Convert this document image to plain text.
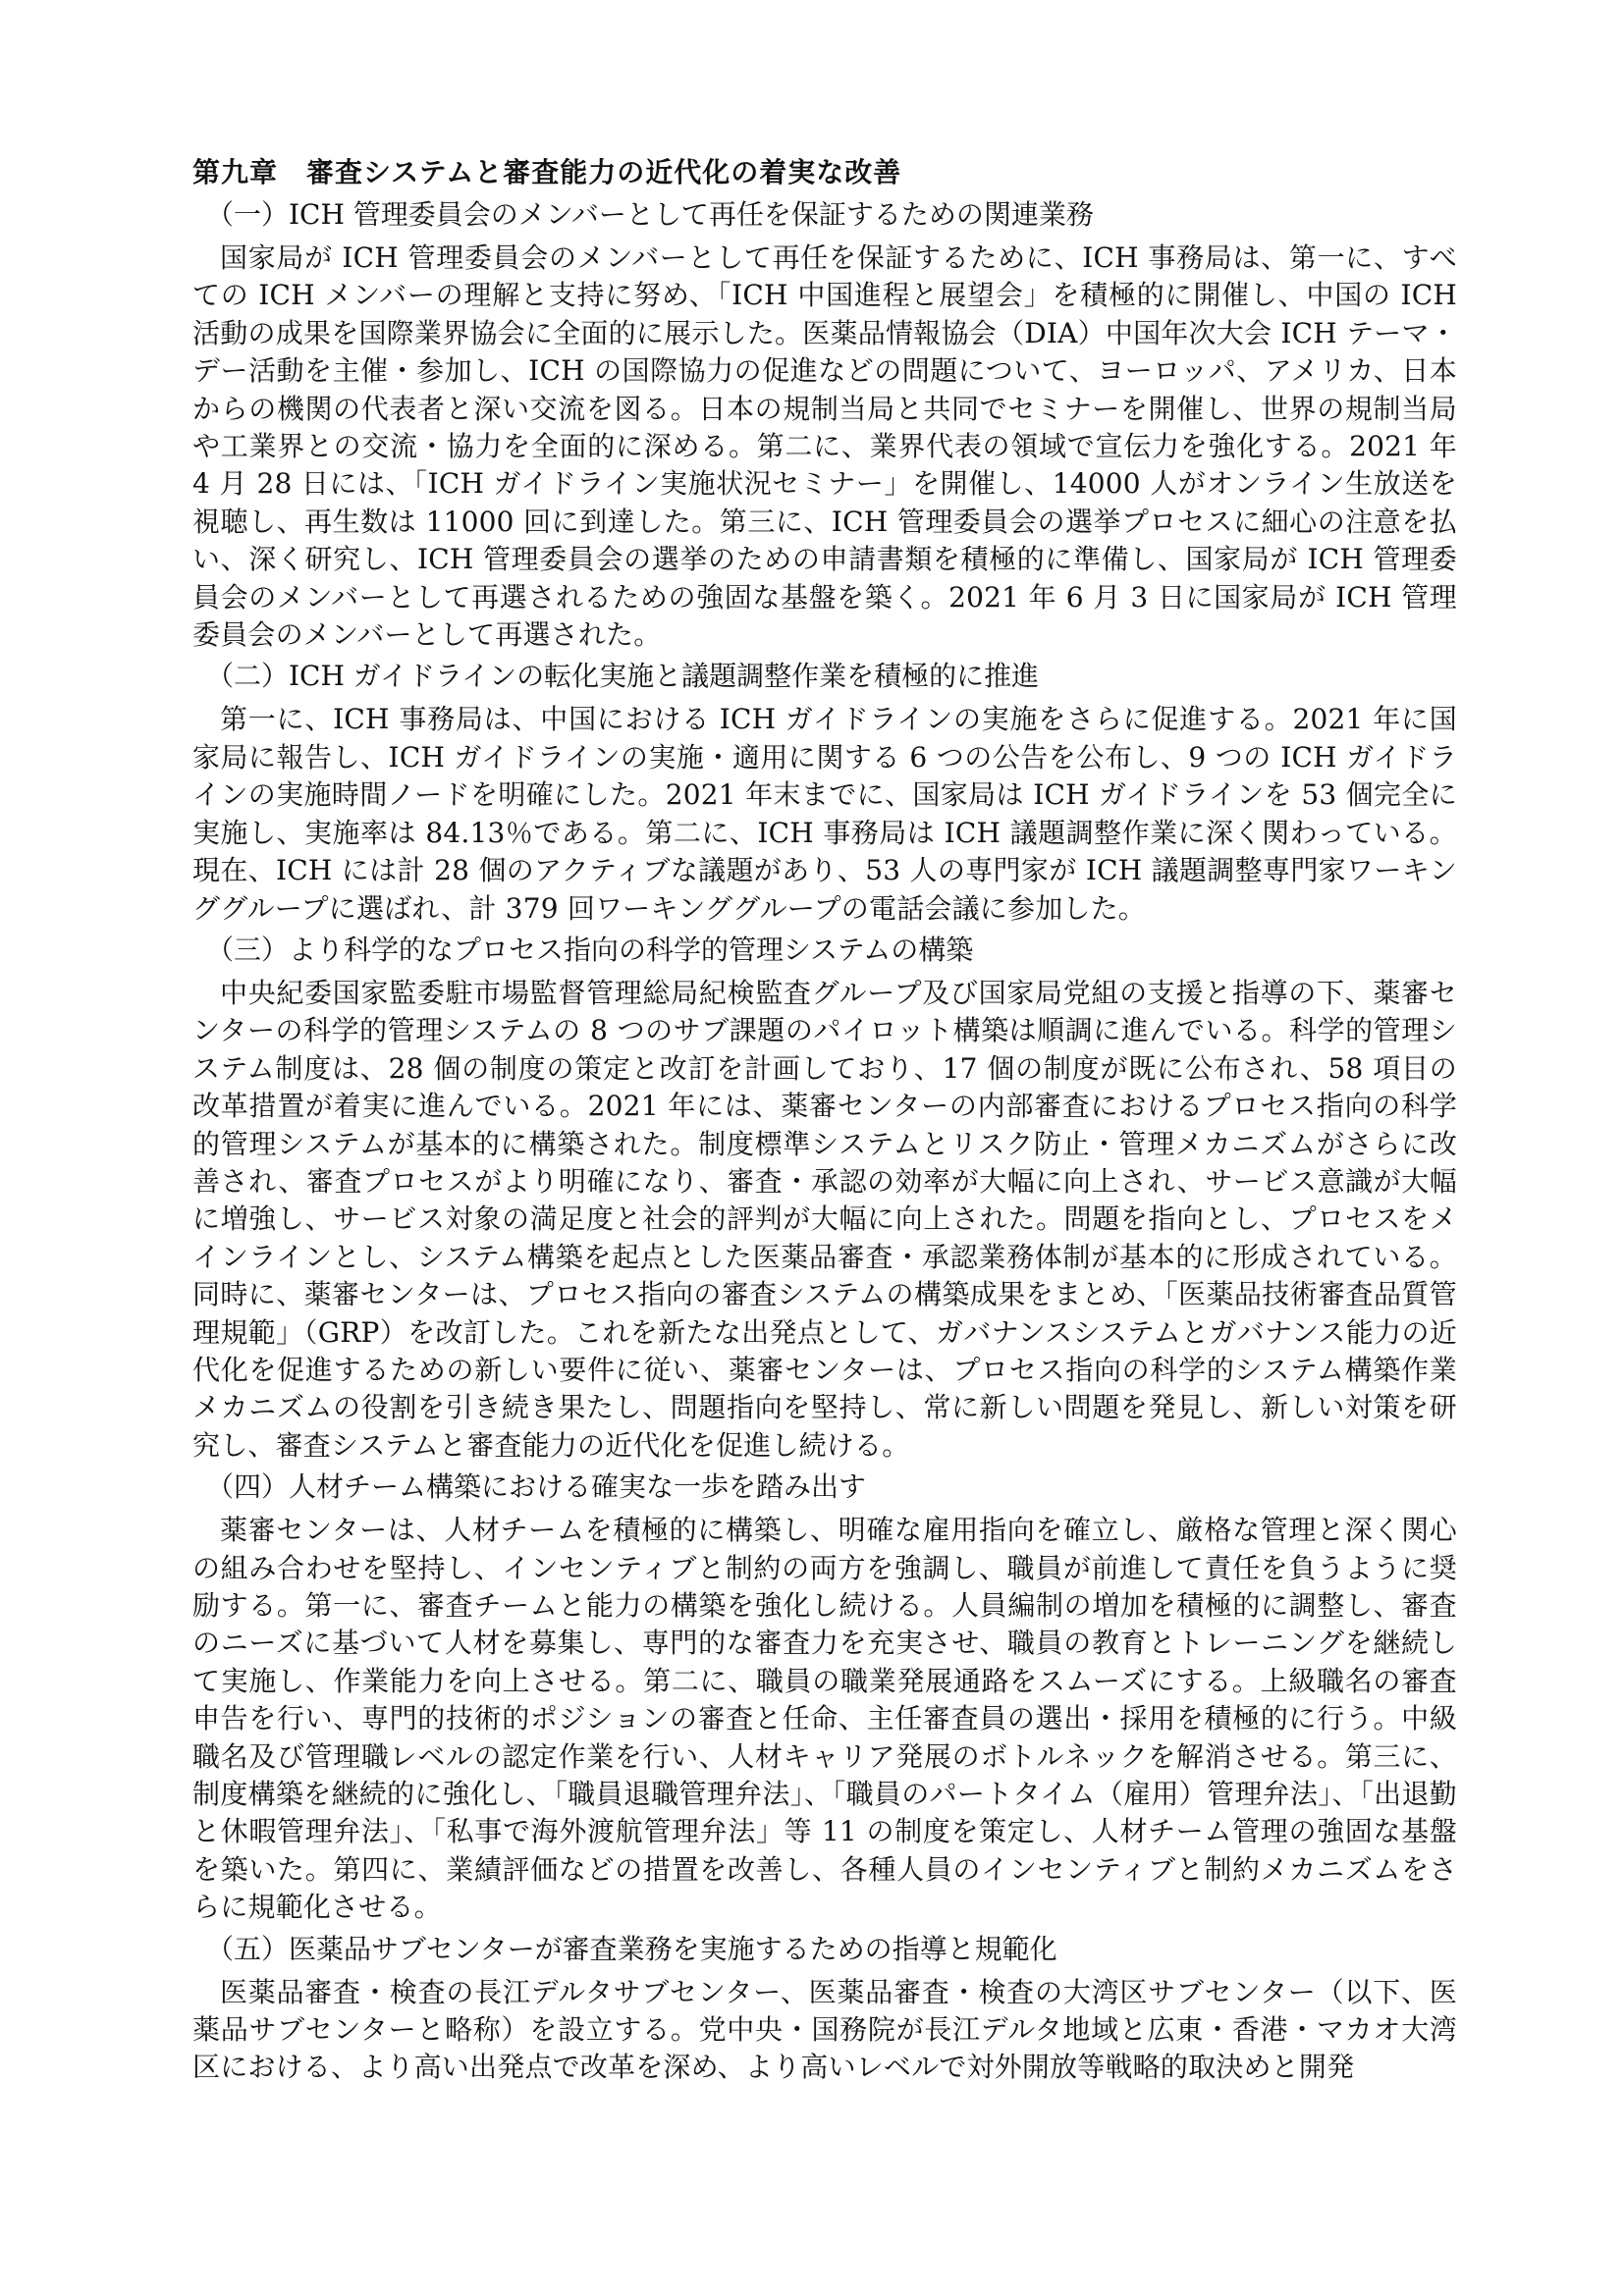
第九章　審査システムと審査能力の近代化の着実な改善
（一）ICH 管理委員会のメンバーとして再任を保証するための関連業務

国家局が ICH 管理委員会のメンバーとして再任を保証するために、ICH 事務局は、第一に、すべての ICH メンバーの理解と支持に努め、「ICH 中国進程と展望会」を積極的に開催し、中国の ICH 活動の成果を国際業界協会に全面的に展示した。医薬品情報協会（DIA）中国年次大会 ICH テーマ・デー活動を主催・参加し、ICH の国際協力の促進などの問題について、ヨーロッパ、アメリカ、日本からの機関の代表者と深い交流を図る。日本の規制当局と共同でセミナーを開催し、世界の規制当局や工業界との交流・協力を全面的に深める。第二に、業界代表の領域で宣伝力を強化する。2021 年 4 月 28 日には、「ICH ガイドライン実施状況セミナー」を開催し、14000 人がオンライン生放送を視聴し、再生数は 11000 回に到達した。第三に、ICH 管理委員会の選挙プロセスに細心の注意を払い、深く研究し、ICH 管理委員会の選挙のための申請書類を積極的に準備し、国家局が ICH 管理委員会のメンバーとして再選されるための強固な基盤を築く。2021 年 6 月 3 日に国家局が ICH 管理委員会のメンバーとして再選された。

（二）ICH ガイドラインの転化実施と議題調整作業を積極的に推進

第一に、ICH 事務局は、中国における ICH ガイドラインの実施をさらに促進する。2021 年に国家局に報告し、ICH ガイドラインの実施・適用に関する 6 つの公告を公布し、9 つの ICH ガイドラインの実施時間ノードを明確にした。2021 年末までに、国家局は ICH ガイドラインを 53 個完全に実施し、実施率は 84.13％である。第二に、ICH 事務局は ICH 議題調整作業に深く関わっている。現在、ICH には計 28 個のアクティブな議題があり、53 人の専門家が ICH 議題調整専門家ワーキンググループに選ばれ、計 379 回ワーキンググループの電話会議に参加した。

（三）より科学的なプロセス指向の科学的管理システムの構築

中央紀委国家監委駐市場監督管理総局紀検監査グループ及び国家局党組の支援と指導の下、薬審センターの科学的管理システムの 8 つのサブ課題のパイロット構築は順調に進んでいる。科学的管理システム制度は、28 個の制度の策定と改訂を計画しており、17 個の制度が既に公布され、58 項目の改革措置が着実に進んでいる。2021 年には、薬審センターの内部審査におけるプロセス指向の科学的管理システムが基本的に構築された。制度標準システムとリスク防止・管理メカニズムがさらに改善され、審査プロセスがより明確になり、審査・承認の効率が大幅に向上され、サービス意識が大幅に増強し、サービス対象の満足度と社会的評判が大幅に向上された。問題を指向とし、プロセスをメインラインとし、システム構築を起点とした医薬品審査・承認業務体制が基本的に形成されている。同時に、薬審センターは、プロセス指向の審査システムの構築成果をまとめ、「医薬品技術審査品質管理規範」（GRP）を改訂した。これを新たな出発点として、ガバナンスシステムとガバナンス能力の近代化を促進するための新しい要件に従い、薬審センターは、プロセス指向の科学的システム構築作業メカニズムの役割を引き続き果たし、問題指向を堅持し、常に新しい問題を発見し、新しい対策を研究し、審査システムと審査能力の近代化を促進し続ける。

（四）人材チーム構築における確実な一歩を踏み出す

薬審センターは、人材チームを積極的に構築し、明確な雇用指向を確立し、厳格な管理と深く関心の組み合わせを堅持し、インセンティブと制約の両方を強調し、職員が前進して責任を負うように奨励する。第一に、審査チームと能力の構築を強化し続ける。人員編制の増加を積極的に調整し、審査のニーズに基づいて人材を募集し、専門的な審査力を充実させ、職員の教育とトレーニングを継続して実施し、作業能力を向上させる。第二に、職員の職業発展通路をスムーズにする。上級職名の審査申告を行い、専門的技術的ポジションの審査と任命、主任審査員の選出・採用を積極的に行う。中級職名及び管理職レベルの認定作業を行い、人材キャリア発展のボトルネックを解消させる。第三に、制度構築を継続的に強化し、「職員退職管理弁法」、「職員のパートタイム（雇用）管理弁法」、「出退勤と休暇管理弁法」、「私事で海外渡航管理弁法」等 11 の制度を策定し、人材チーム管理の強固な基盤を築いた。第四に、業績評価などの措置を改善し、各種人員のインセンティブと制約メカニズムをさらに規範化させる。

（五）医薬品サブセンターが審査業務を実施するための指導と規範化

医薬品審査・検査の長江デルタサブセンター、医薬品審査・検査の大湾区サブセンター（以下、医薬品サブセンターと略称）を設立する。党中央・国務院が長江デルタ地域と広東・香港・マカオ大湾区における、より高い出発点で改革を深め、より高いレベルで対外開放等戦略的取決めと開発
